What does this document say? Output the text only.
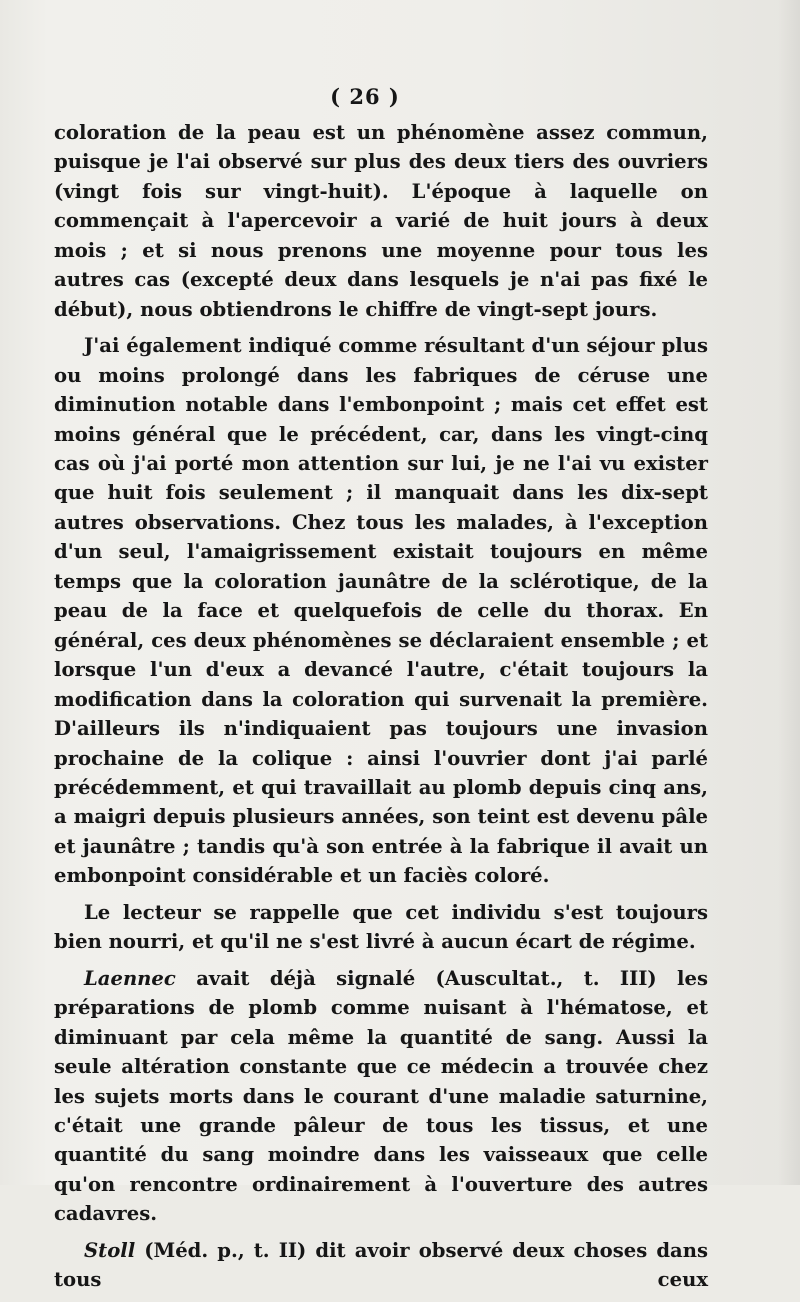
( 26 )

coloration de la peau est un phénomène assez commun, puisque je l'ai observé sur plus des deux tiers des ouvriers (vingt fois sur vingt-huit). L'époque à laquelle on commençait à l'apercevoir a varié de huit jours à deux mois ; et si nous prenons une moyenne pour tous les autres cas (excepté deux dans lesquels je n'ai pas fixé le début), nous obtiendrons le chiffre de vingt-sept jours.

J'ai également indiqué comme résultant d'un séjour plus ou moins prolongé dans les fabriques de céruse une diminution notable dans l'embonpoint ; mais cet effet est moins général que le précédent, car, dans les vingt-cinq cas où j'ai porté mon attention sur lui, je ne l'ai vu exister que huit fois seulement ; il manquait dans les dix-sept autres observations. Chez tous les malades, à l'exception d'un seul, l'amaigrissement existait toujours en même temps que la coloration jaunâtre de la sclérotique, de la peau de la face et quelquefois de celle du thorax. En général, ces deux phénomènes se déclaraient ensemble ; et lorsque l'un d'eux a devancé l'autre, c'était toujours la modification dans la coloration qui survenait la première. D'ailleurs ils n'indiquaient pas toujours une invasion prochaine de la colique : ainsi l'ouvrier dont j'ai parlé précédemment, et qui travaillait au plomb depuis cinq ans, a maigri depuis plusieurs années, son teint est devenu pâle et jaunâtre ; tandis qu'à son entrée à la fabrique il avait un embonpoint considérable et un faciès coloré.

Le lecteur se rappelle que cet individu s'est toujours bien nourri, et qu'il ne s'est livré à aucun écart de régime.

Laennec avait déjà signalé (Auscultat., t. III) les préparations de plomb comme nuisant à l'hématose, et diminuant par cela même la quantité de sang. Aussi la seule altération constante que ce médecin a trouvée chez les sujets morts dans le courant d'une maladie saturnine, c'était une grande pâleur de tous les tissus, et une quantité du sang moindre dans les vaisseaux que celle qu'on rencontre ordinairement à l'ouverture des autres cadavres.

Stoll (Méd. p., t. II) dit avoir observé deux choses dans tous ceux
